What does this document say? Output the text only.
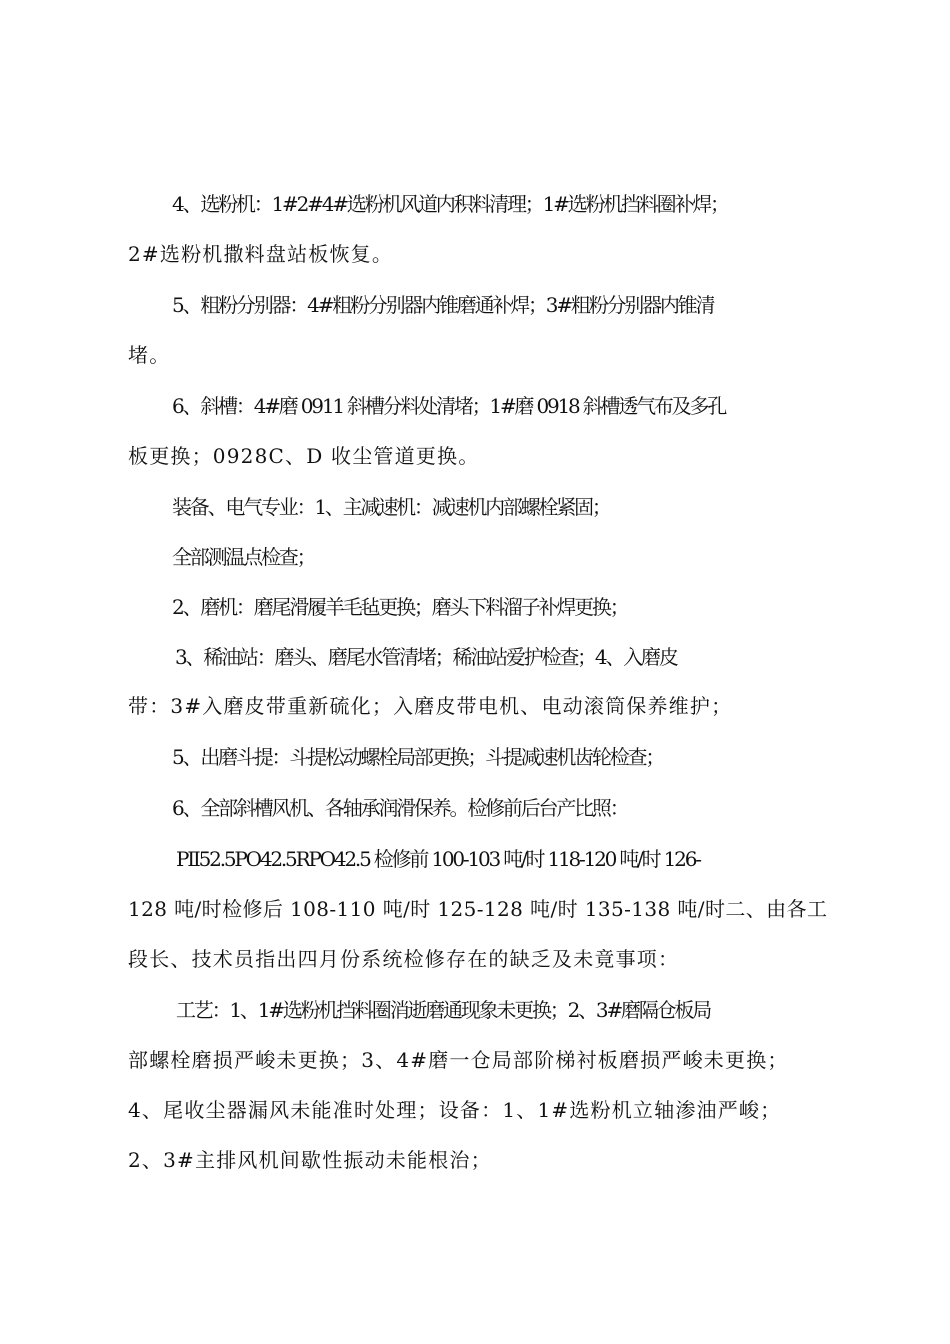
4、选粉机：1#2#4#选粉机风道内积料清理；1#选粉机挡料圈补焊；
2#选粉机撒料盘站板恢复。
5、粗粉分别器：4#粗粉分别器内锥磨通补焊；3#粗粉分别器内锥清
堵。
6、斜槽：4#磨 0911 斜槽分料处清堵；1#磨 0918 斜槽透气布及多孔
板更换；0928C、D 收尘管道更换。
装备、电气专业：1、主减速机：减速机内部螺栓紧固；
全部测温点检查；
2、磨机：磨尾滑履羊毛毡更换；磨头下料溜子补焊更换；
3、稀油站：磨头、磨尾水管清堵；稀油站爱护检查；4、入磨皮
带：3#入磨皮带重新硫化；入磨皮带电机、电动滚筒保养维护；
5、出磨斗提：斗提松动螺栓局部更换；斗提减速机齿轮检查；
6、全部斜槽风机、各轴承润滑保养。检修前后台产比照：
PⅡ52.5PO42.5RPO42.5 检修前 100-103 吨/时 118-120 吨/时 126-
128 吨/时检修后 108-110 吨/时 125-128 吨/时 135-138 吨/时二、由各工
段长、技术员指出四月份系统检修存在的缺乏及未竟事项：
工艺：1、1#选粉机挡料圈消逝磨通现象未更换；2、3#磨隔仓板局
部螺栓磨损严峻未更换；3、4#磨一仓局部阶梯衬板磨损严峻未更换；
4、尾收尘器漏风未能准时处理；设备：1、1#选粉机立轴渗油严峻；
2、3#主排风机间歇性振动未能根治；
